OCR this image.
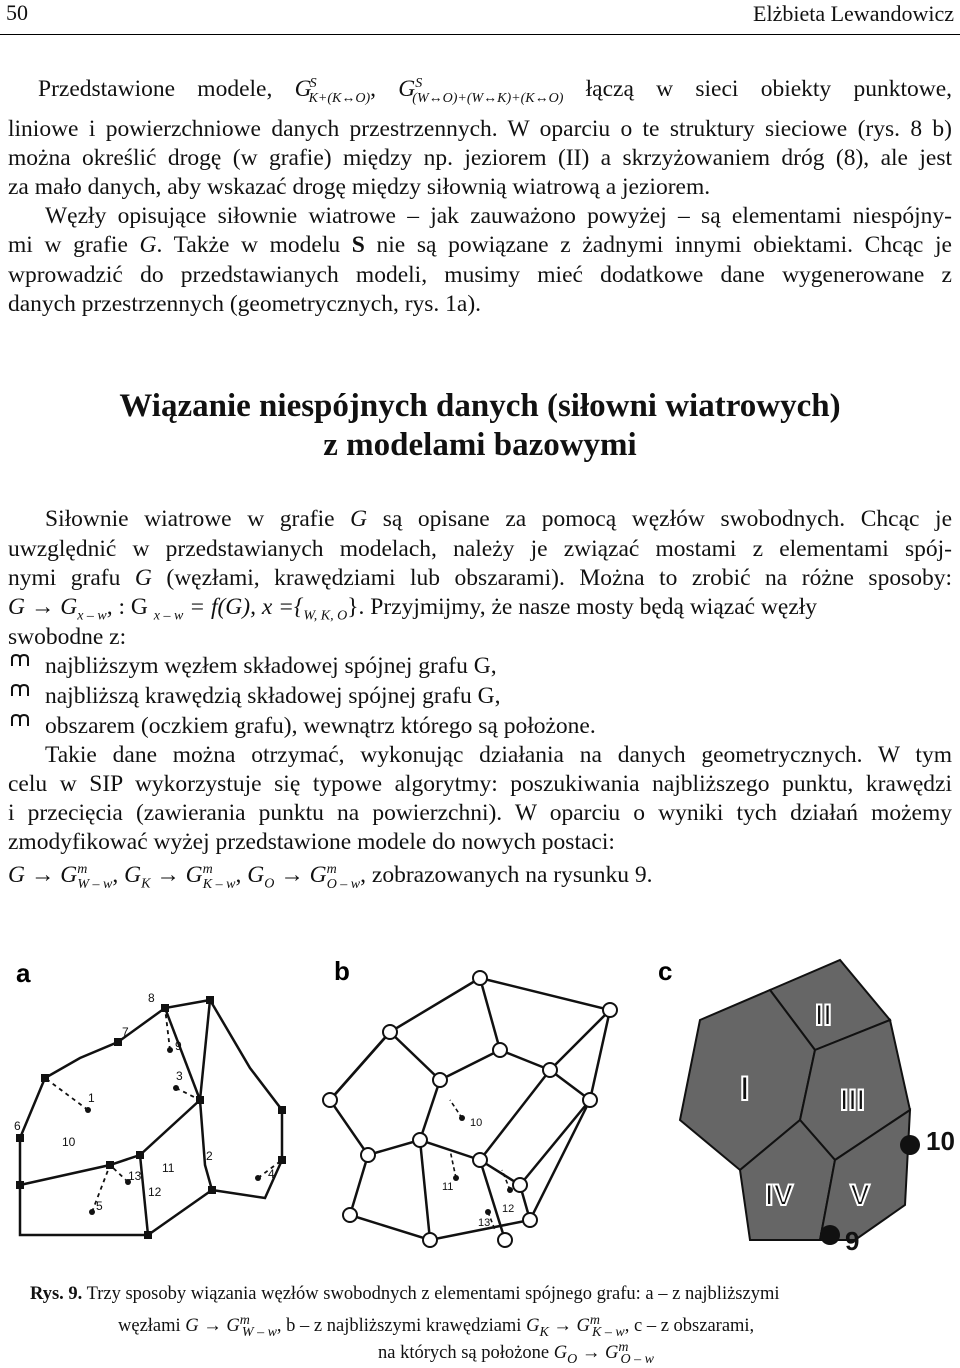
50	Elżbieta Lewandowicz
Przedstawione modele, $G^S_{K+(K\leftrightarrow O)}$, $G^S_{(W\leftrightarrow O)+(W\leftrightarrow K)+(K\leftrightarrow O)}$ łączą w sieci obiekty punktowe,
liniowe i powierzchniowe danych przestrzennych. W oparciu o te struktury sieciowe (rys. 8 b)
można określić drogę (w grafie) między np. jeziorem (II) a skrzyżowaniem dróg (8), ale jest
za mało danych, aby wskazać drogę między siłownią wiatrową a jeziorem.
Węzły opisujące siłownie wiatrowe – jak zauważono powyżej – są elementami niespójny-
mi w grafie G. Także w modelu S nie są powiązane z żadnymi innymi obiektami. Chcąc je
wprowadzić do przedstawianych modeli, musimy mieć dodatkowe dane wygenerowane z
danych przestrzennych (geometrycznych, rys. 1a).
Wiązanie niespójnych danych (siłowni wiatrowych)
z modelami bazowymi
Siłownie wiatrowe w grafie G są opisane za pomocą węzłów swobodnych. Chcąc je
uwzględnić w przedstawianych modelach, należy je związać mostami z elementami spój-
nymi grafu G (węzłami, krawędziami lub obszarami). Można to zrobić na różne sposoby:
$G \to G_{x - w}$, : G $_{x - w}$ = f(G), $x =\{_{W, K, O}\}$. Przyjmijmy, że nasze mosty będą wiązać węzły
swobodne z:
najbliższym węzłem składowej spójnej grafu G,
najbliższą krawędzią składowej spójnej grafu G,
obszarem (oczkiem grafu), wewnątrz którego są położone.
Takie dane można otrzymać, wykonując działania na danych geometrycznych. W tym
celu w SIP wykorzystuje się typowe algorytmy: poszukiwania najbliższego punktu, krawędzi
i przecięcia (zawierania punktu na powierzchni). W oparciu o wyniki tych działań możemy
zmodyfikować wyżej przedstawione modele do nowych postaci:
$G \to G^m_{W - w}$, $G_K \to G^m_{K - w}$, $G_O \to G^m_{O - w}$, zobrazowanych na rysunku 9.
a
1
3
7
8
9
6
10
4
2
11
12
13
5
b
11
12
10
13
c
II
I	III
IV V
10
9
Rys. 9. Trzy sposoby wiązania węzłów swobodnych z elementami spójnego grafu: a – z najbliższymi
węzłami $G \to G^m_{W - w}$, b – z najbliższymi krawędziami $G_K \to G^m_{K - w}$, c – z obszarami,
na których są położone $G_O \to G^m_{O - w}$
